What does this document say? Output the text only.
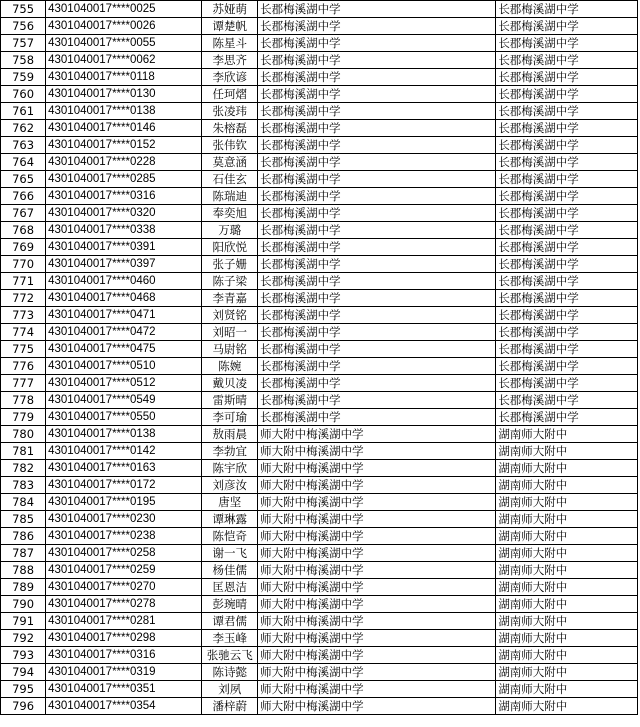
755	4301040017****0025	苏娅萌	长郡梅溪湖中学	长郡梅溪湖中学
756	4301040017****0026	谭楚帆	长郡梅溪湖中学	长郡梅溪湖中学
757	4301040017****0055	陈星斗	长郡梅溪湖中学	长郡梅溪湖中学
758	4301040017****0062	李思齐	长郡梅溪湖中学	长郡梅溪湖中学
759	4301040017****0118	李欣谚	长郡梅溪湖中学	长郡梅溪湖中学
760	4301040017****0130	任珂熠	长郡梅溪湖中学	长郡梅溪湖中学
761	4301040017****0138	张凌玮	长郡梅溪湖中学	长郡梅溪湖中学
762	4301040017****0146	朱榕磊	长郡梅溪湖中学	长郡梅溪湖中学
763	4301040017****0152	张伟钦	长郡梅溪湖中学	长郡梅溪湖中学
764	4301040017****0228	莫意涵	长郡梅溪湖中学	长郡梅溪湖中学
765	4301040017****0285	石佳玄	长郡梅溪湖中学	长郡梅溪湖中学
766	4301040017****0316	陈瑞迪	长郡梅溪湖中学	长郡梅溪湖中学
767	4301040017****0320	奉奕旭	长郡梅溪湖中学	长郡梅溪湖中学
768	4301040017****0338	万璐	长郡梅溪湖中学	长郡梅溪湖中学
769	4301040017****0391	阳欣悦	长郡梅溪湖中学	长郡梅溪湖中学
770	4301040017****0397	张子姗	长郡梅溪湖中学	长郡梅溪湖中学
771	4301040017****0460	陈子梁	长郡梅溪湖中学	长郡梅溪湖中学
772	4301040017****0468	李青嘉	长郡梅溪湖中学	长郡梅溪湖中学
773	4301040017****0471	刘贤铭	长郡梅溪湖中学	长郡梅溪湖中学
774	4301040017****0472	刘昭一	长郡梅溪湖中学	长郡梅溪湖中学
775	4301040017****0475	马尉铭	长郡梅溪湖中学	长郡梅溪湖中学
776	4301040017****0510	陈婉	长郡梅溪湖中学	长郡梅溪湖中学
777	4301040017****0512	戴贝凌	长郡梅溪湖中学	长郡梅溪湖中学
778	4301040017****0549	雷斯晴	长郡梅溪湖中学	长郡梅溪湖中学
779	4301040017****0550	李可瑜	长郡梅溪湖中学	长郡梅溪湖中学
780	4301040017****0138	敖雨晨	师大附中梅溪湖中学	湖南师大附中
781	4301040017****0142	李勃宜	师大附中梅溪湖中学	湖南师大附中
782	4301040017****0163	陈宇欣	师大附中梅溪湖中学	湖南师大附中
783	4301040017****0172	刘彦汝	师大附中梅溪湖中学	湖南师大附中
784	4301040017****0195	唐坚	师大附中梅溪湖中学	湖南师大附中
785	4301040017****0230	谭琳露	师大附中梅溪湖中学	湖南师大附中
786	4301040017****0238	陈恺奇	师大附中梅溪湖中学	湖南师大附中
787	4301040017****0258	谢一飞	师大附中梅溪湖中学	湖南师大附中
788	4301040017****0259	杨佳儒	师大附中梅溪湖中学	湖南师大附中
789	4301040017****0270	匡恩洁	师大附中梅溪湖中学	湖南师大附中
790	4301040017****0278	彭琬晴	师大附中梅溪湖中学	湖南师大附中
791	4301040017****0281	谭君儒	师大附中梅溪湖中学	湖南师大附中
792	4301040017****0298	李玉峰	师大附中梅溪湖中学	湖南师大附中
793	4301040017****0316	张驰云飞	师大附中梅溪湖中学	湖南师大附中
794	4301040017****0319	陈诗懿	师大附中梅溪湖中学	湖南师大附中
795	4301040017****0351	刘夙	师大附中梅溪湖中学	湖南师大附中
796	4301040017****0354	潘梓蔚	师大附中梅溪湖中学	湖南师大附中
